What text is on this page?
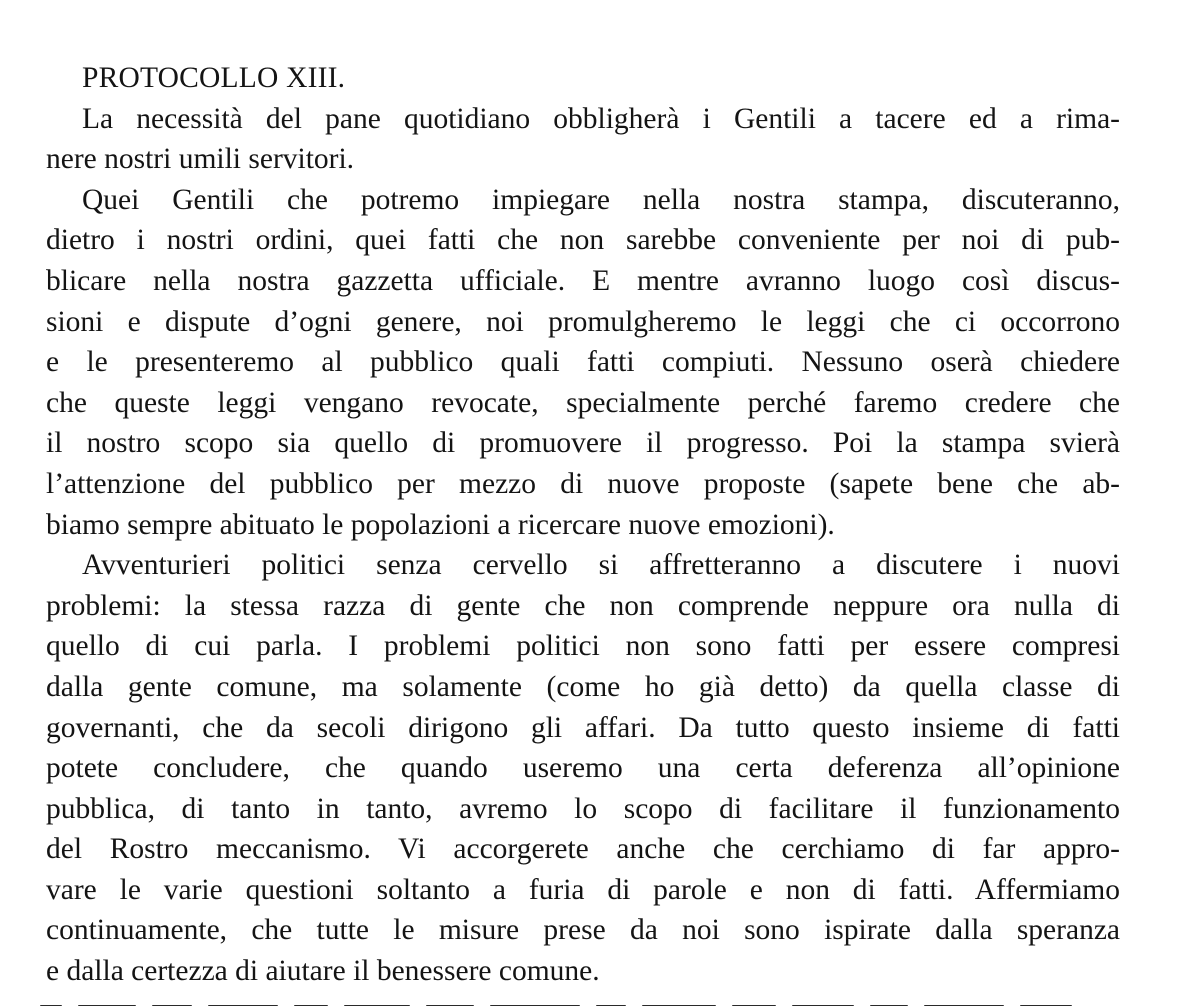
PROTOCOLLO XIII.

La necessità del pane quotidiano obbligherà i Gentili a tacere ed a rima-
nere nostri umili servitori.

Quei Gentili che potremo impiegare nella nostra stampa, discuteranno,
dietro i nostri ordini, quei fatti che non sarebbe conveniente per noi di pub-
blicare nella nostra gazzetta ufficiale. E mentre avranno luogo così discus-
sioni e dispute d’ogni genere, noi promulgheremo le leggi che ci occorrono
e le presenteremo al pubblico quali fatti compiuti. Nessuno oserà chiedere
che queste leggi vengano revocate, specialmente perché faremo credere che
il nostro scopo sia quello di promuovere il progresso. Poi la stampa svierà
l’attenzione del pubblico per mezzo di nuove proposte (sapete bene che ab-
biamo sempre abituato le popolazioni a ricercare nuove emozioni).

Avventurieri politici senza cervello si affretteranno a discutere i nuovi
problemi: la stessa razza di gente che non comprende neppure ora nulla di
quello di cui parla. I problemi politici non sono fatti per essere compresi
dalla gente comune, ma solamente (come ho già detto) da quella classe di
governanti, che da secoli dirigono gli affari. Da tutto questo insieme di fatti
potete concludere, che quando useremo una certa deferenza all’opinione
pubblica, di tanto in tanto, avremo lo scopo di facilitare il funzionamento
del Rostro meccanismo. Vi accorgerete anche che cerchiamo di far appro-
vare le varie questioni soltanto a furia di parole e non di fatti. Affermiamo
continuamente, che tutte le misure prese da noi sono ispirate dalla speranza
e dalla certezza di aiutare il benessere comune.
